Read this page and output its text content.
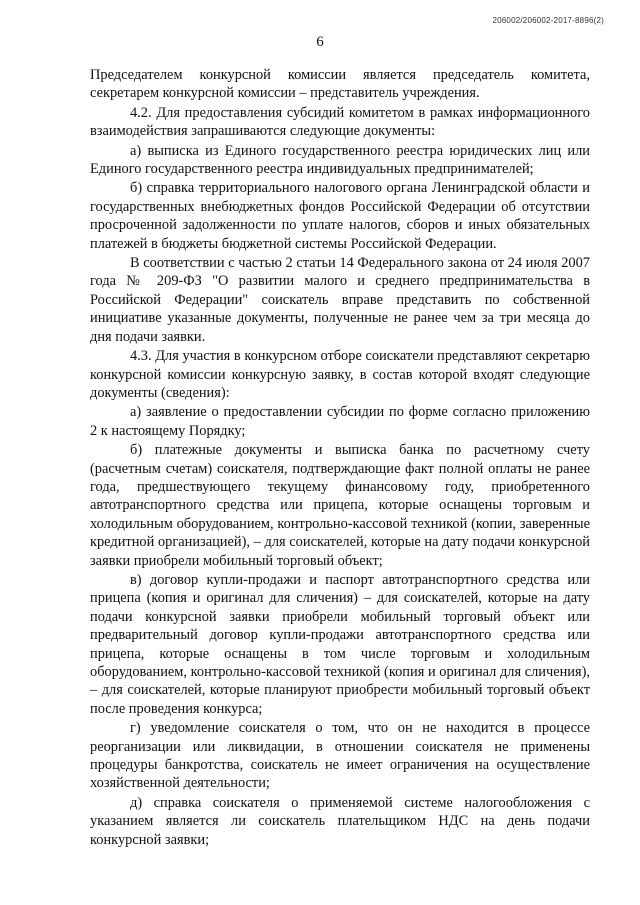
206002/206002-2017-8896(2)
6

Председателем конкурсной комиссии является председатель комитета, секретарем конкурсной комиссии – представитель учреждения.

4.2. Для предоставления субсидий комитетом в рамках информационного взаимодействия запрашиваются следующие документы:

а) выписка из Единого государственного реестра юридических лиц или Единого государственного реестра индивидуальных предпринимателей;

б) справка территориального налогового органа Ленинградской области и государственных внебюджетных фондов Российской Федерации об отсутствии просроченной задолженности по уплате налогов, сборов и иных обязательных платежей в бюджеты бюджетной системы Российской Федерации.

В соответствии с частью 2 статьи 14 Федерального закона от 24 июля 2007 года № 209-ФЗ "О развитии малого и среднего предпринимательства в Российской Федерации" соискатель вправе представить по собственной инициативе указанные документы, полученные не ранее чем за три месяца до дня подачи заявки.

4.3. Для участия в конкурсном отборе соискатели представляют секретарю конкурсной комиссии конкурсную заявку, в состав которой входят следующие документы (сведения):

а) заявление о предоставлении субсидии по форме согласно приложению 2 к настоящему Порядку;

б) платежные документы и выписка банка по расчетному счету (расчетным счетам) соискателя, подтверждающие факт полной оплаты не ранее года, предшествующего текущему финансовому году, приобретенного автотранспортного средства или прицепа, которые оснащены торговым и холодильным оборудованием, контрольно-кассовой техникой (копии, заверенные кредитной организацией), – для соискателей, которые на дату подачи конкурсной заявки приобрели мобильный торговый объект;

в) договор купли-продажи и паспорт автотранспортного средства или прицепа (копия и оригинал для сличения) – для соискателей, которые на дату подачи конкурсной заявки приобрели мобильный торговый объект или предварительный договор купли-продажи автотранспортного средства или прицепа, которые оснащены в том числе торговым и холодильным оборудованием, контрольно-кассовой техникой (копия и оригинал для сличения), – для соискателей, которые планируют приобрести мобильный торговый объект после проведения конкурса;

г) уведомление соискателя о том, что он не находится в процессе реорганизации или ликвидации, в отношении соискателя не применены процедуры банкротства, соискатель не имеет ограничения на осуществление хозяйственной деятельности;

д) справка соискателя о применяемой системе налогообложения с указанием является ли соискатель плательщиком НДС на день подачи конкурсной заявки;
